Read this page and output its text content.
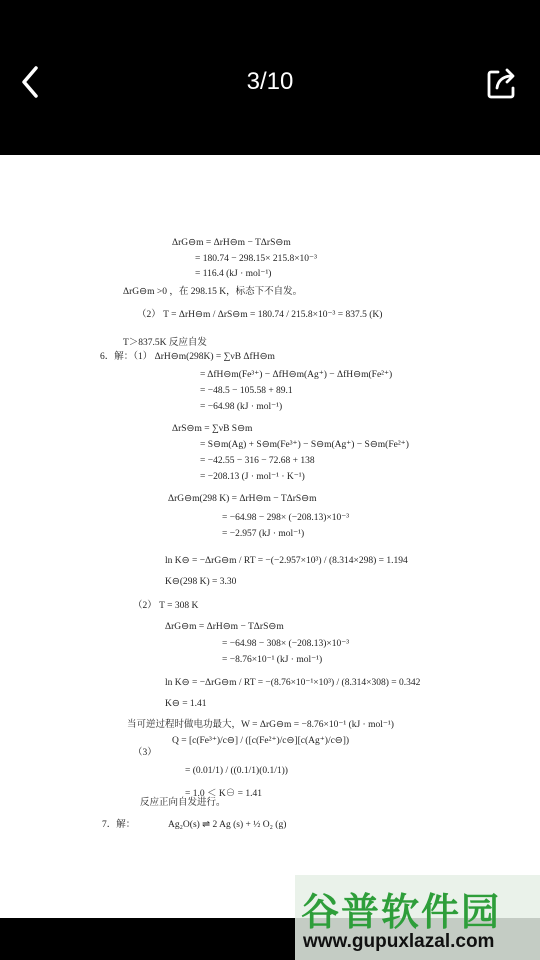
3/10
ΔrG⊖m = ΔrH⊖m − TΔrS⊖m
= 180.74 − 298.15× 215.8×10⁻³
= 116.4 (kJ · mol⁻¹)
ΔrG⊖m >0 ，在 298.15 K，标态下不自发。
（2） T = ΔrH⊖m / ΔrS⊖m = 180.74 / 215.8×10⁻³ = 837.5 (K)
T＞837.5K 反应自发
6．解：（1） ΔrH⊖m(298K) = ∑νB ΔfH⊖m
= ΔfH⊖m(Fe³⁺) − ΔfH⊖m(Ag⁺) − ΔfH⊖m(Fe²⁺)
= −48.5 − 105.58 + 89.1
= −64.98 (kJ · mol⁻¹)
ΔrS⊖m = ∑νB S⊖m
= S⊖m(Ag) + S⊖m(Fe³⁺) − S⊖m(Ag⁺) − S⊖m(Fe²⁺)
= −42.55 − 316 − 72.68 + 138
= −208.13 (J · mol⁻¹ · K⁻¹)
ΔrG⊖m(298 K) = ΔrH⊖m − TΔrS⊖m
= −64.98 − 298× (−208.13)×10⁻³
= −2.957 (kJ · mol⁻¹)
ln K⊖ = −ΔrG⊖m / RT = −(−2.957×10³) / (8.314×298) = 1.194
K⊖(298 K) = 3.30
（2） T = 308 K
ΔrG⊖m = ΔrH⊖m − TΔrS⊖m
= −64.98 − 308× (−208.13)×10⁻³
= −8.76×10⁻¹ (kJ · mol⁻¹)
ln K⊖ = −ΔrG⊖m / RT = −(8.76×10⁻¹×10³) / (8.314×308) = 0.342
K⊖ = 1.41
当可逆过程时做电功最大，W = ΔrG⊖m = −8.76×10⁻¹ (kJ · mol⁻¹)
Q = [c(Fe³⁺)/c⊖] / ([c(Fe²⁺)/c⊖][c(Ag⁺)/c⊖])
（3）
= (0.01/1) / ((0.1/1)(0.1/1))
= 1.0 ＜ K⊖ = 1.41
反应正向自发进行。
7．解：	Ag₂O(s) ⇌ 2 Ag (s) + ½ O₂ (g)
谷普软件园
www.gupuxlazal.com
